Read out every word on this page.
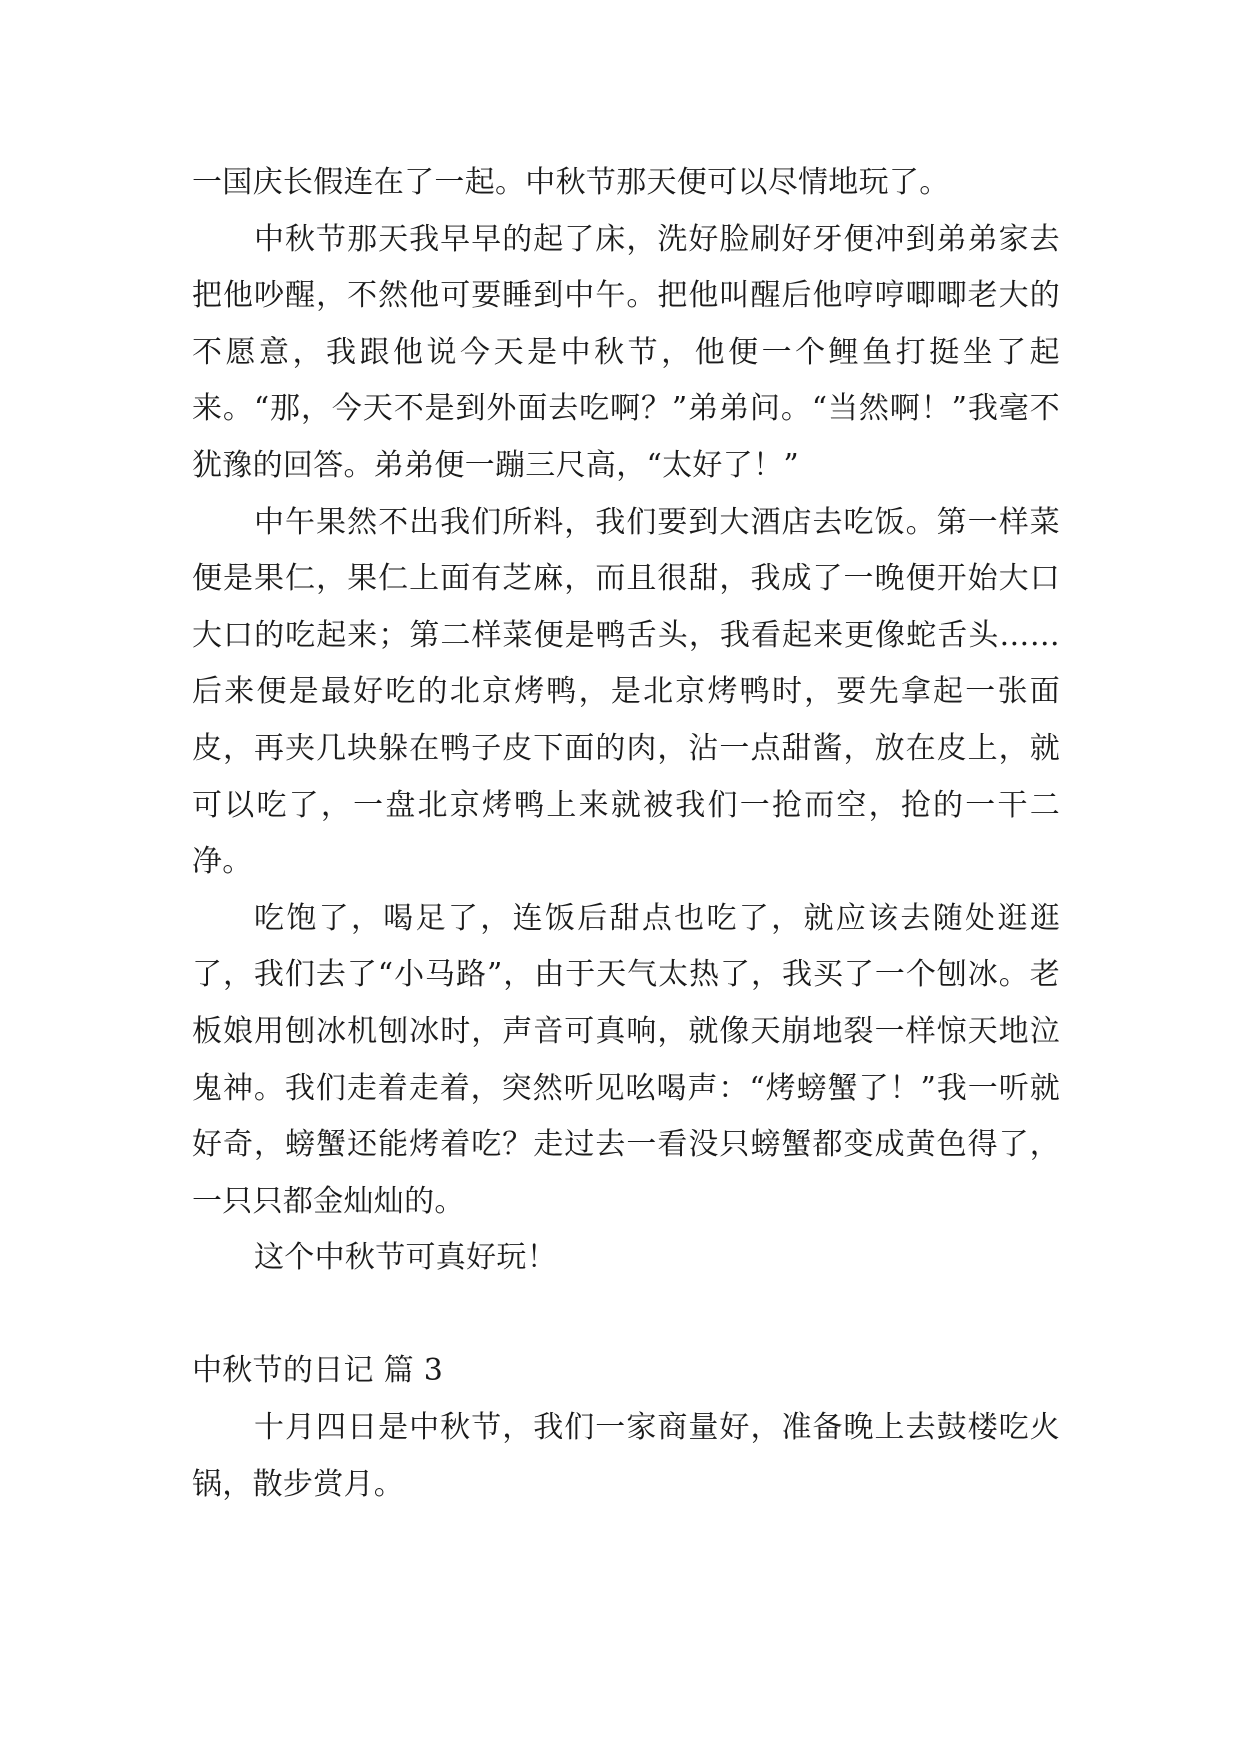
一国庆长假连在了一起。中秋节那天便可以尽情地玩了。

中秋节那天我早早的起了床，洗好脸刷好牙便冲到弟弟家去把他吵醒，不然他可要睡到中午。把他叫醒后他哼哼唧唧老大的不愿意，我跟他说今天是中秋节，他便一个鲤鱼打挺坐了起来。“那，今天不是到外面去吃啊？”弟弟问。“当然啊！”我毫不犹豫的回答。弟弟便一蹦三尺高，“太好了！”

中午果然不出我们所料，我们要到大酒店去吃饭。第一样菜便是果仁，果仁上面有芝麻，而且很甜，我成了一晚便开始大口大口的吃起来；第二样菜便是鸭舌头，我看起来更像蛇舌头……后来便是最好吃的北京烤鸭，是北京烤鸭时，要先拿起一张面皮，再夹几块躲在鸭子皮下面的肉，沾一点甜酱，放在皮上，就可以吃了，一盘北京烤鸭上来就被我们一抢而空，抢的一干二净。

吃饱了，喝足了，连饭后甜点也吃了，就应该去随处逛逛了，我们去了“小马路”，由于天气太热了，我买了一个刨冰。老板娘用刨冰机刨冰时，声音可真响，就像天崩地裂一样惊天地泣鬼神。我们走着走着，突然听见吆喝声：“烤螃蟹了！”我一听就好奇，螃蟹还能烤着吃？走过去一看没只螃蟹都变成黄色得了，一只只都金灿灿的。

这个中秋节可真好玩！

中秋节的日记 篇 3

十月四日是中秋节，我们一家商量好，准备晚上去鼓楼吃火锅，散步赏月。
